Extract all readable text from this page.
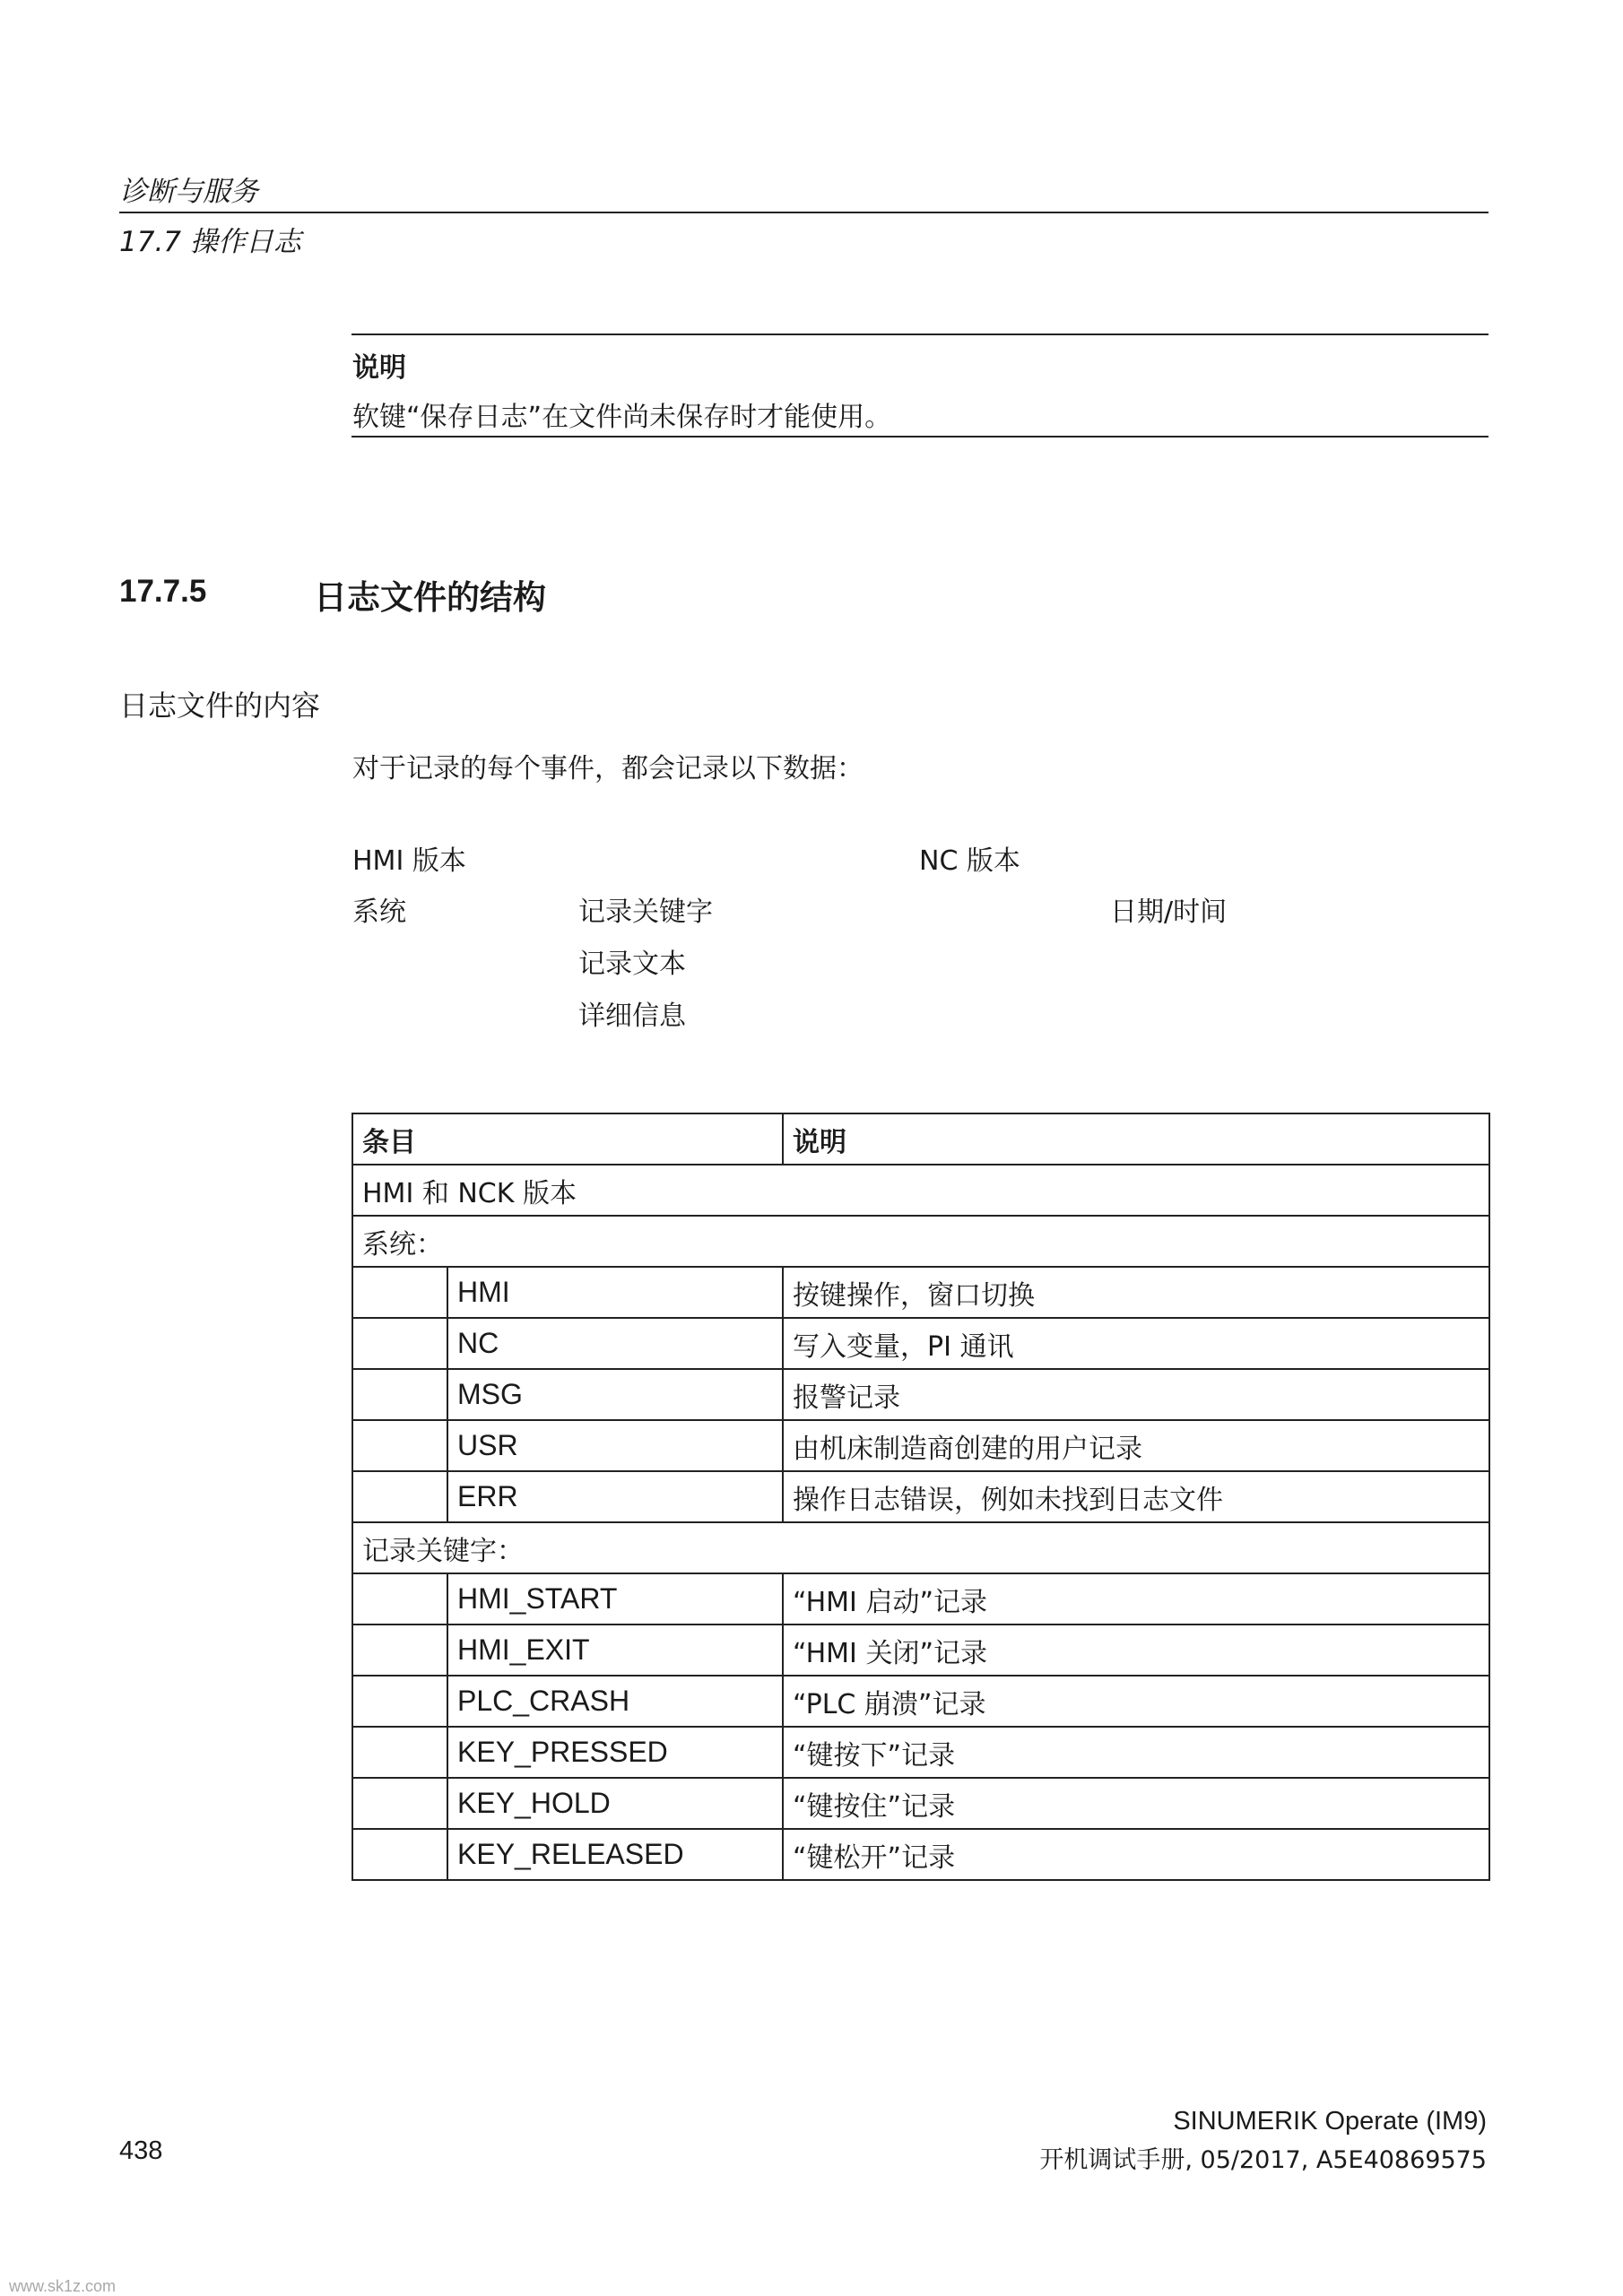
诊断与服务
17.7 操作日志
说明
软键“保存日志”在文件尚未保存时才能使用。
17.7.5	日志文件的结构
日志文件的内容
对于记录的每个事件，都会记录以下数据：
HMI 版本	NC 版本
系统	记录关键字	日期/时间
记录文本
详细信息
条目		说明
HMI 和 NCK 版本		
系统：		
	HMI	按键操作，窗口切换
	NC	写入变量，PI 通讯
	MSG	报警记录
	USR	由机床制造商创建的用户记录
	ERR	操作日志错误，例如未找到日志文件
记录关键字：		
	HMI_START	“HMI 启动”记录
	HMI_EXIT	“HMI 关闭”记录
	PLC_CRASH	“PLC 崩溃”记录
	KEY_PRESSED	“键按下”记录
	KEY_HOLD	“键按住”记录
	KEY_RELEASED	“键松开”记录
438
SINUMERIK Operate (IM9)
开机调试手册, 05/2017, A5E40869575
www.sk1z.com
